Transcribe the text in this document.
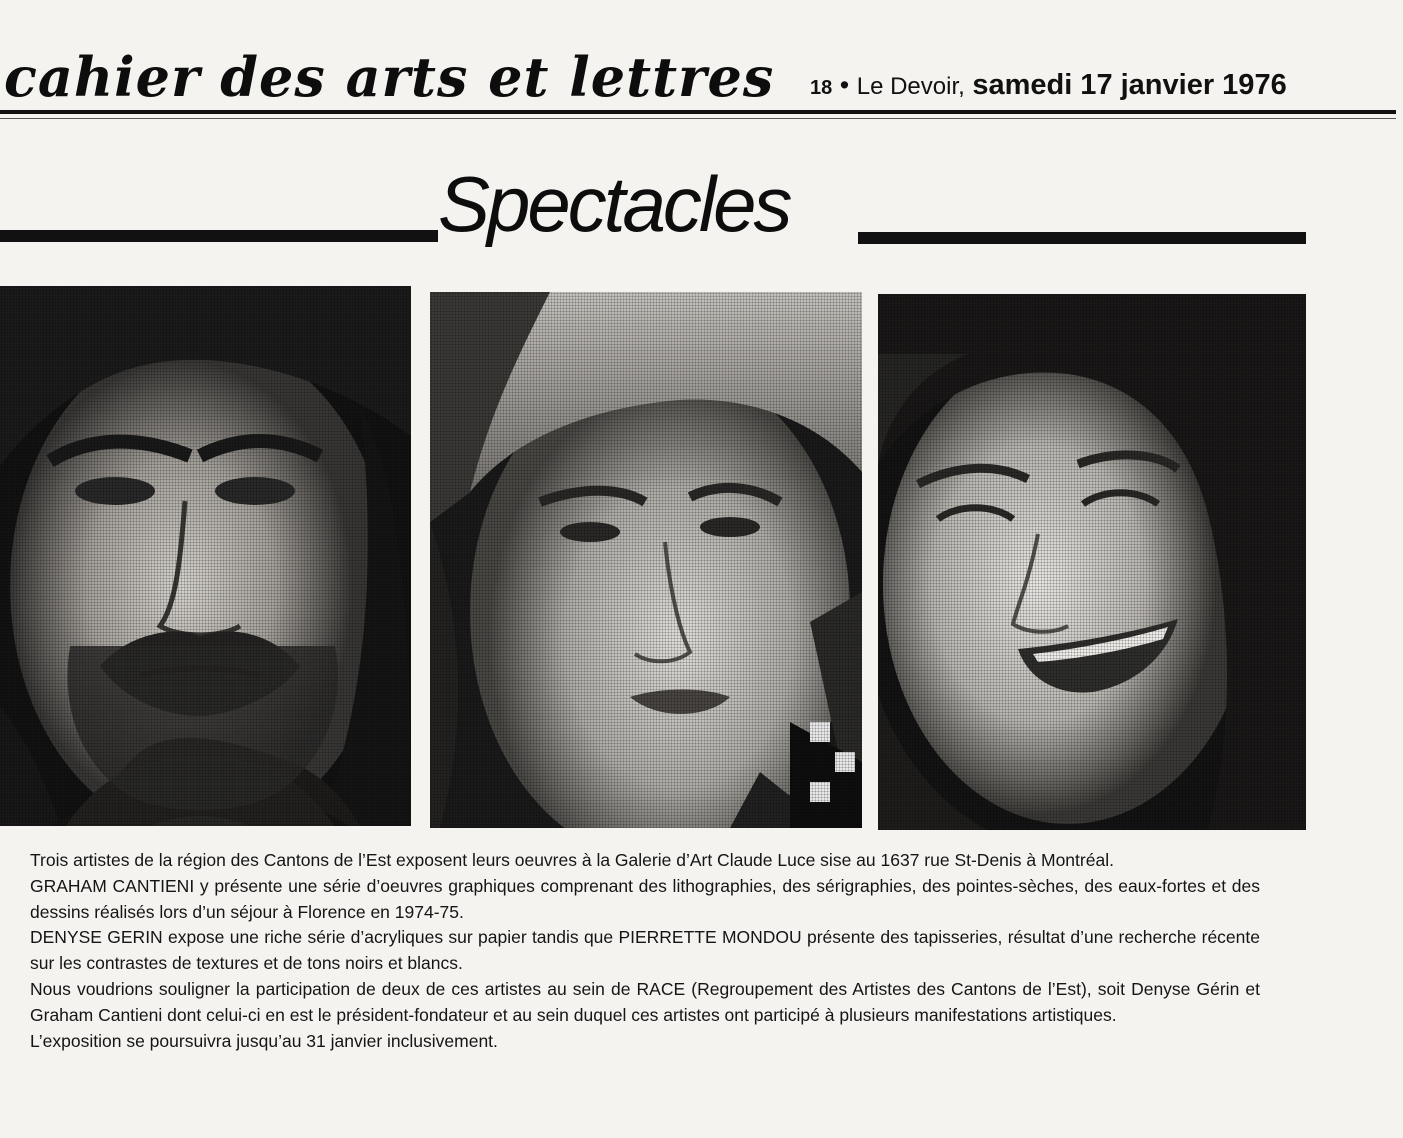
cahier des arts et lettres 18 • Le Devoir, samedi 17 janvier 1976
Spectacles

Trois artistes de la région des Cantons de l’Est exposent leurs oeuvres à la Galerie d’Art Claude Luce sise au 1637 rue St-Denis à Montréal.

GRAHAM CANTIENI y présente une série d’oeuvres graphiques comprenant des lithographies, des sérigraphies, des pointes-sèches, des eaux-fortes et des dessins réalisés lors d’un séjour à Florence en 1974-75.

DENYSE GERIN expose une riche série d’acryliques sur papier tandis que PIERRETTE MONDOU présente des tapisseries, résultat d’une recherche récente sur les contrastes de textures et de tons noirs et blancs.

Nous voudrions souligner la participation de deux de ces artistes au sein de RACE (Regroupement des Artistes des Cantons de l’Est), soit Denyse Gérin et Graham Cantieni dont celui-ci en est le président-fondateur et au sein duquel ces artistes ont participé à plusieurs manifestations artistiques.

L’exposition se poursuivra jusqu’au 31 janvier inclusivement.
